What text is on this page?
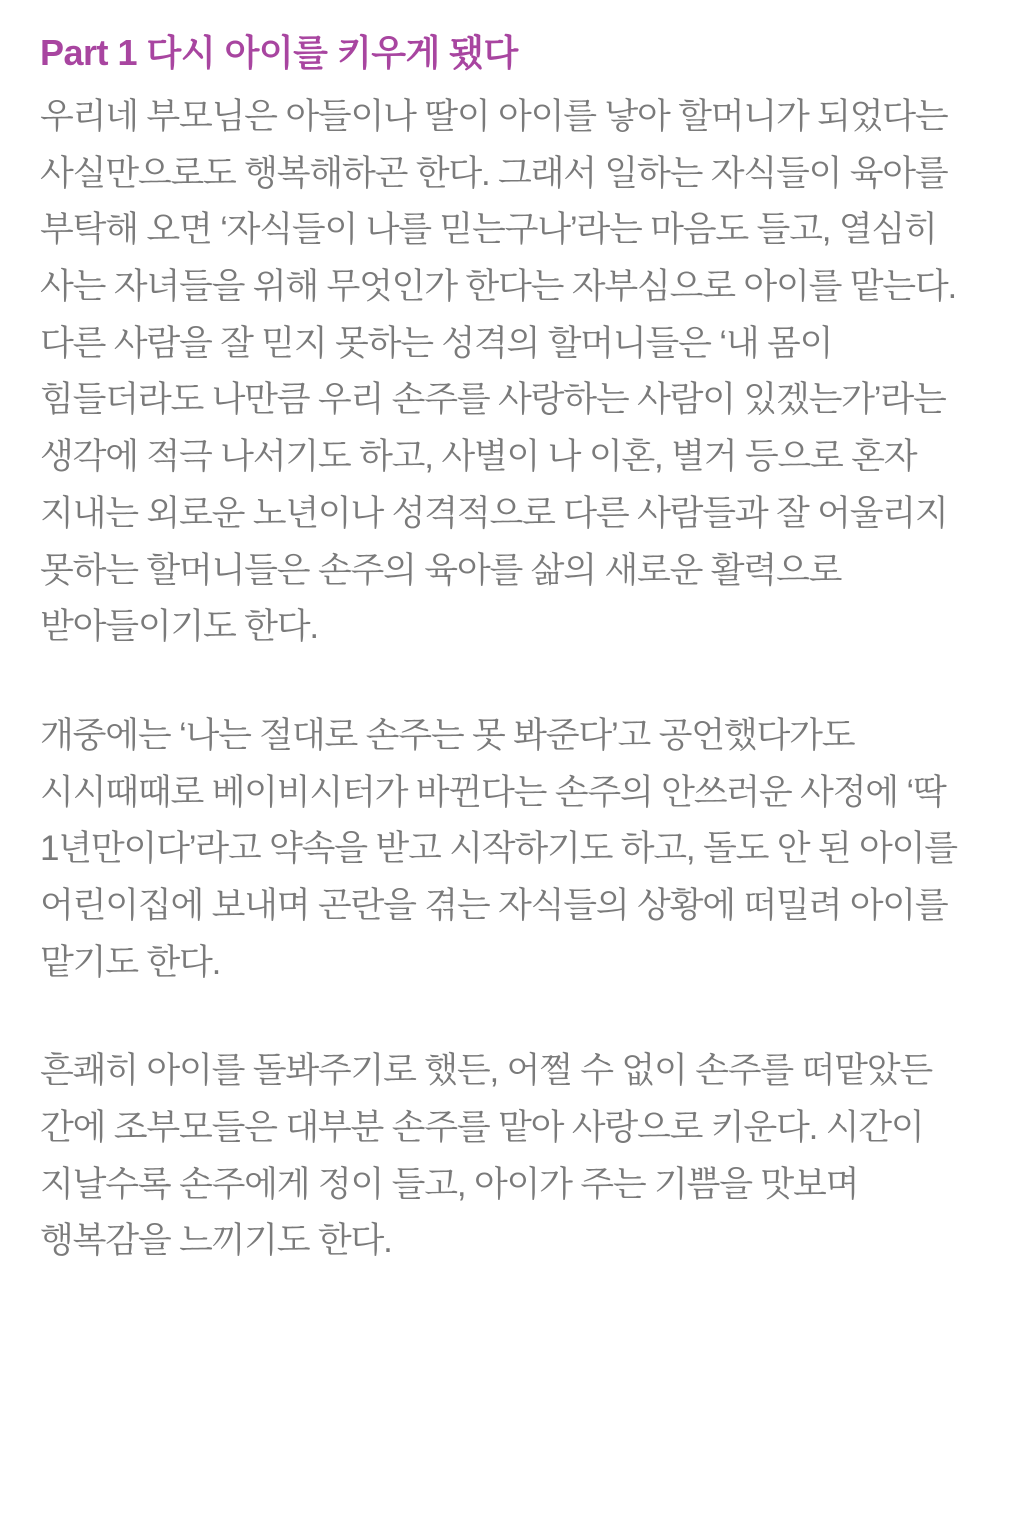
Part 1 다시 아이를 키우게 됐다

우리네 부모님은 아들이나 딸이 아이를 낳아 할머니가 되었다는 사실만으로도 행복해하곤 한다. 그래서 일하는 자식들이 육아를 부탁해 오면 ‘자식들이 나를 믿는구나’라는 마음도 들고, 열심히 사는 자녀들을 위해 무엇인가 한다는 자부심으로 아이를 맡는다. 다른 사람을 잘 믿지 못하는 성격의 할머니들은 ‘내 몸이 힘들더라도 나만큼 우리 손주를 사랑하는 사람이 있겠는가’라는 생각에 적극 나서기도 하고, 사별이 나 이혼, 별거 등으로 혼자 지내는 외로운 노년이나 성격적으로 다른 사람들과 잘 어울리지 못하는 할머니들은 손주의 육아를 삶의 새로운 활력으로 받아들이기도 한다.

개중에는 ‘나는 절대로 손주는 못 봐준다’고 공언했다가도 시시때때로 베이비시터가 바뀐다는 손주의 안쓰러운 사정에 ‘딱 1년만이다’라고 약속을 받고 시작하기도 하고, 돌도 안 된 아이를 어린이집에 보내며 곤란을 겪는 자식들의 상황에 떠밀려 아이를 맡기도 한다.

흔쾌히 아이를 돌봐주기로 했든, 어쩔 수 없이 손주를 떠맡았든 간에 조부모들은 대부분 손주를 맡아 사랑으로 키운다. 시간이 지날수록 손주에게 정이 들고, 아이가 주는 기쁨을 맛보며 행복감을 느끼기도 한다.
